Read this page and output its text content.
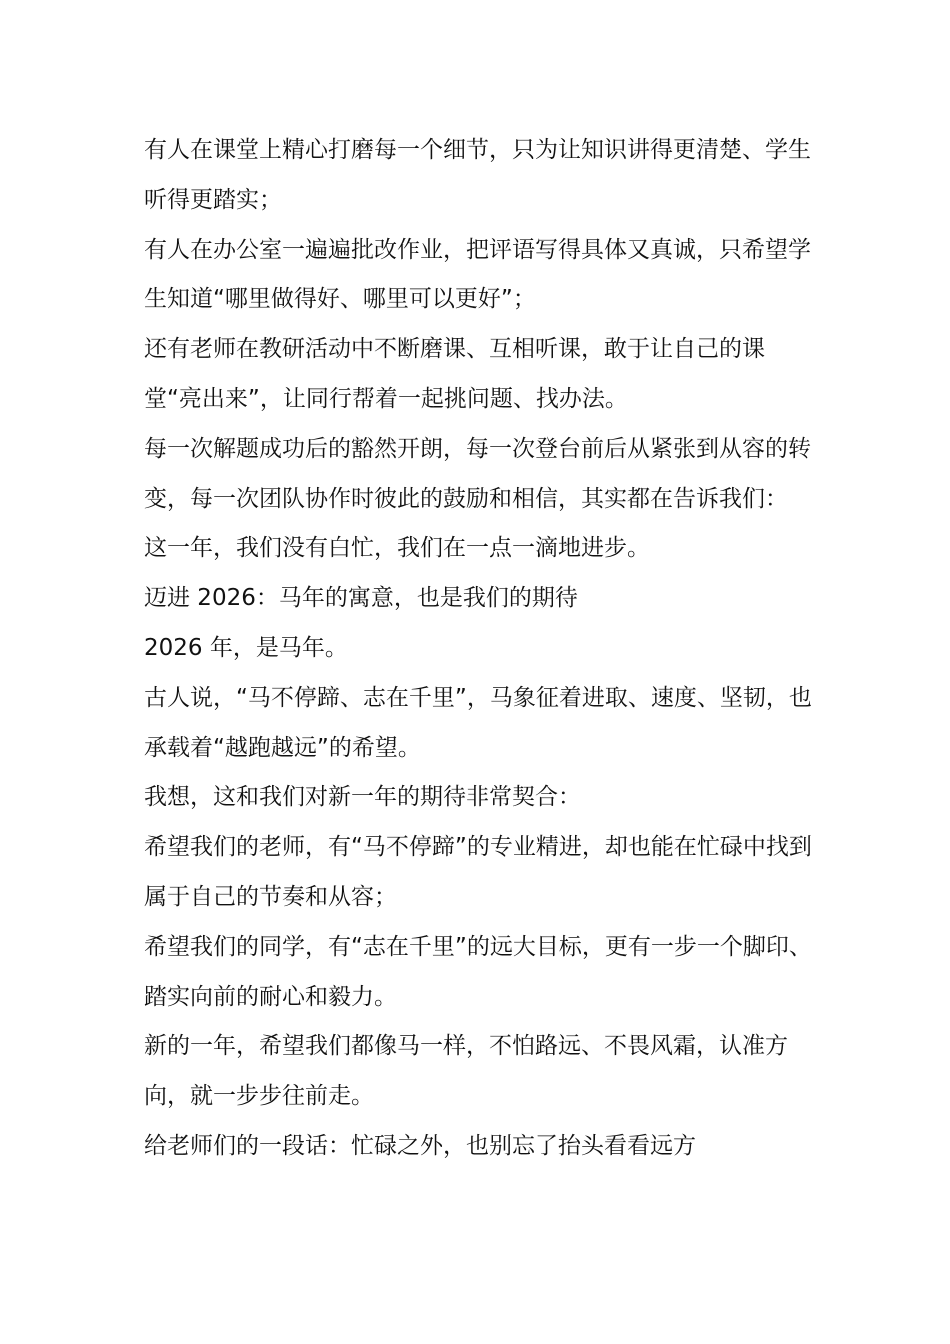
有人在课堂上精心打磨每一个细节，只为让知识讲得更清楚、学生听得更踏实；

有人在办公室一遍遍批改作业，把评语写得具体又真诚，只希望学生知道“哪里做得好、哪里可以更好”；

还有老师在教研活动中不断磨课、互相听课，敢于让自己的课堂“亮出来”，让同行帮着一起挑问题、找办法。

每一次解题成功后的豁然开朗，每一次登台前后从紧张到从容的转变，每一次团队协作时彼此的鼓励和相信，其实都在告诉我们：

这一年，我们没有白忙，我们在一点一滴地进步。

迈进 2026：马年的寓意，也是我们的期待

2026 年，是马年。

古人说，“马不停蹄、志在千里”，马象征着进取、速度、坚韧，也承载着“越跑越远”的希望。

我想，这和我们对新一年的期待非常契合：

希望我们的老师，有“马不停蹄”的专业精进，却也能在忙碌中找到属于自己的节奏和从容；

希望我们的同学，有“志在千里”的远大目标，更有一步一个脚印、踏实向前的耐心和毅力。

新的一年，希望我们都像马一样，不怕路远、不畏风霜，认准方向，就一步步往前走。

给老师们的一段话：忙碌之外，也别忘了抬头看看远方
